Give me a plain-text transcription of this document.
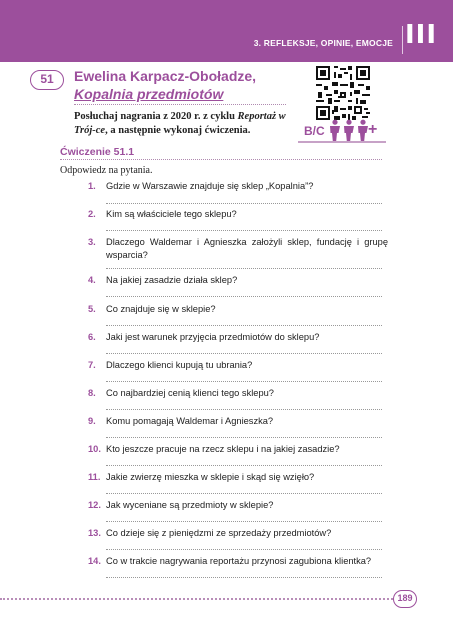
3. REFLEKSJE, OPINIE, EMOCJE III
51	Ewelina Karpacz-Oboładze,
Kopalnia przedmiotów
Posłuchaj nagrania z 2020 r. z cyklu Reportaż w Trój-ce, a następnie wykonaj ćwiczenia.	B/C	+
Ćwiczenie 51.1
Odpowiedz na pytania.
1.	Gdzie w Warszawie znajduje się sklep „Kopalnia”?
2.	Kim są właściciele tego sklepu?
3.	Dlaczego Waldemar i Agnieszka założyli sklep, fundację i grupę wsparcia?
4.	Na jakiej zasadzie działa sklep?
5.	Co znajduje się w sklepie?
6.	Jaki jest warunek przyjęcia przedmiotów do sklepu?
7.	Dlaczego klienci kupują tu ubrania?
8.	Co najbardziej cenią klienci tego sklepu?
9.	Komu pomagają Waldemar i Agnieszka?
10. Kto jeszcze pracuje na rzecz sklepu i na jakiej zasadzie?
11. Jakie zwierzę mieszka w sklepie i skąd się wzięło?
12. Jak wyceniane są przedmioty w sklepie?
13. Co dzieje się z pieniędzmi ze sprzedaży przedmiotów?
14. Co w trakcie nagrywania reportażu przynosi zagubiona klientka?
189
